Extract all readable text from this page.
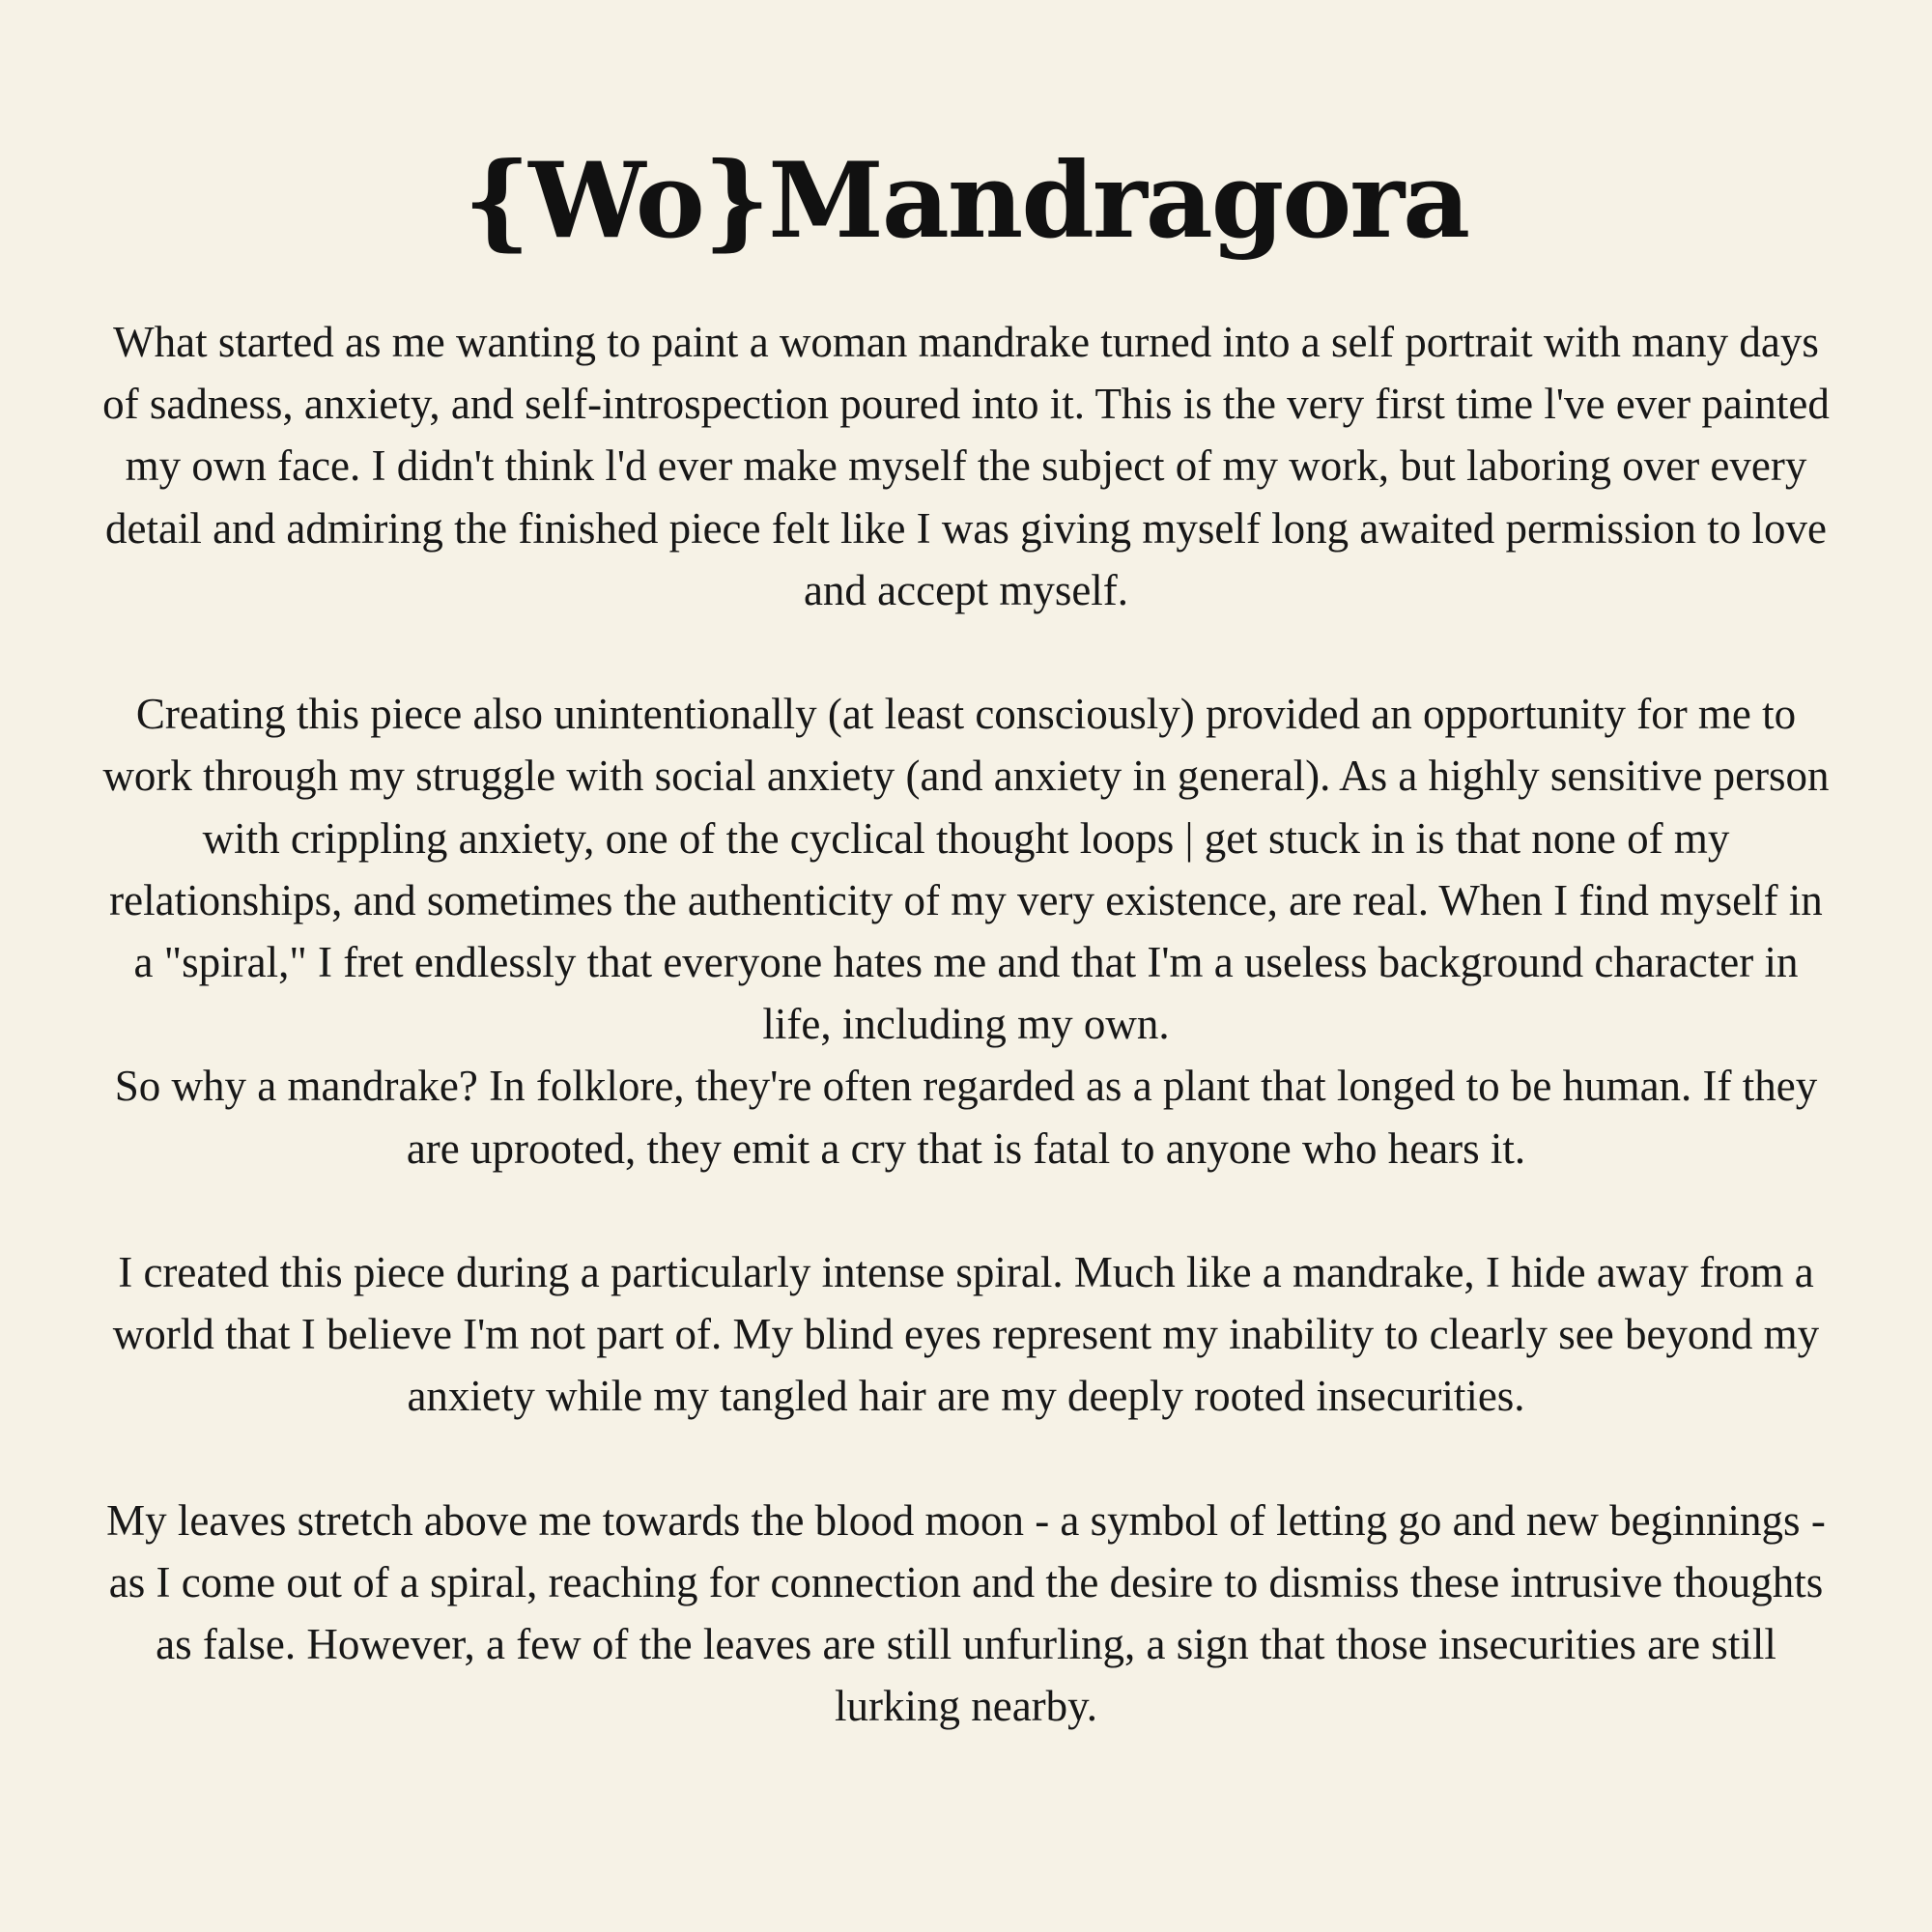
{Wo}Mandragora

What started as me wanting to paint a woman mandrake turned into a self portrait with many days of sadness, anxiety, and self-introspection poured into it. This is the very first time l've ever painted my own face. I didn't think l'd ever make myself the subject of my work, but laboring over every detail and admiring the finished piece felt like I was giving myself long awaited permission to love and accept myself.

Creating this piece also unintentionally (at least consciously) provided an opportunity for me to work through my struggle with social anxiety (and anxiety in general). As a highly sensitive person with crippling anxiety, one of the cyclical thought loops | get stuck in is that none of my relationships, and sometimes the authenticity of my very existence, are real. When I find myself in a "spiral," I fret endlessly that everyone hates me and that I'm a useless background character in life, including my own.

So why a mandrake? In folklore, they're often regarded as a plant that longed to be human. If they are uprooted, they emit a cry that is fatal to anyone who hears it.

I created this piece during a particularly intense spiral. Much like a mandrake, I hide away from a world that I believe I'm not part of. My blind eyes represent my inability to clearly see beyond my anxiety while my tangled hair are my deeply rooted insecurities.

My leaves stretch above me towards the blood moon - a symbol of letting go and new beginnings - as I come out of a spiral, reaching for connection and the desire to dismiss these intrusive thoughts as false. However, a few of the leaves are still unfurling, a sign that those insecurities are still lurking nearby.
